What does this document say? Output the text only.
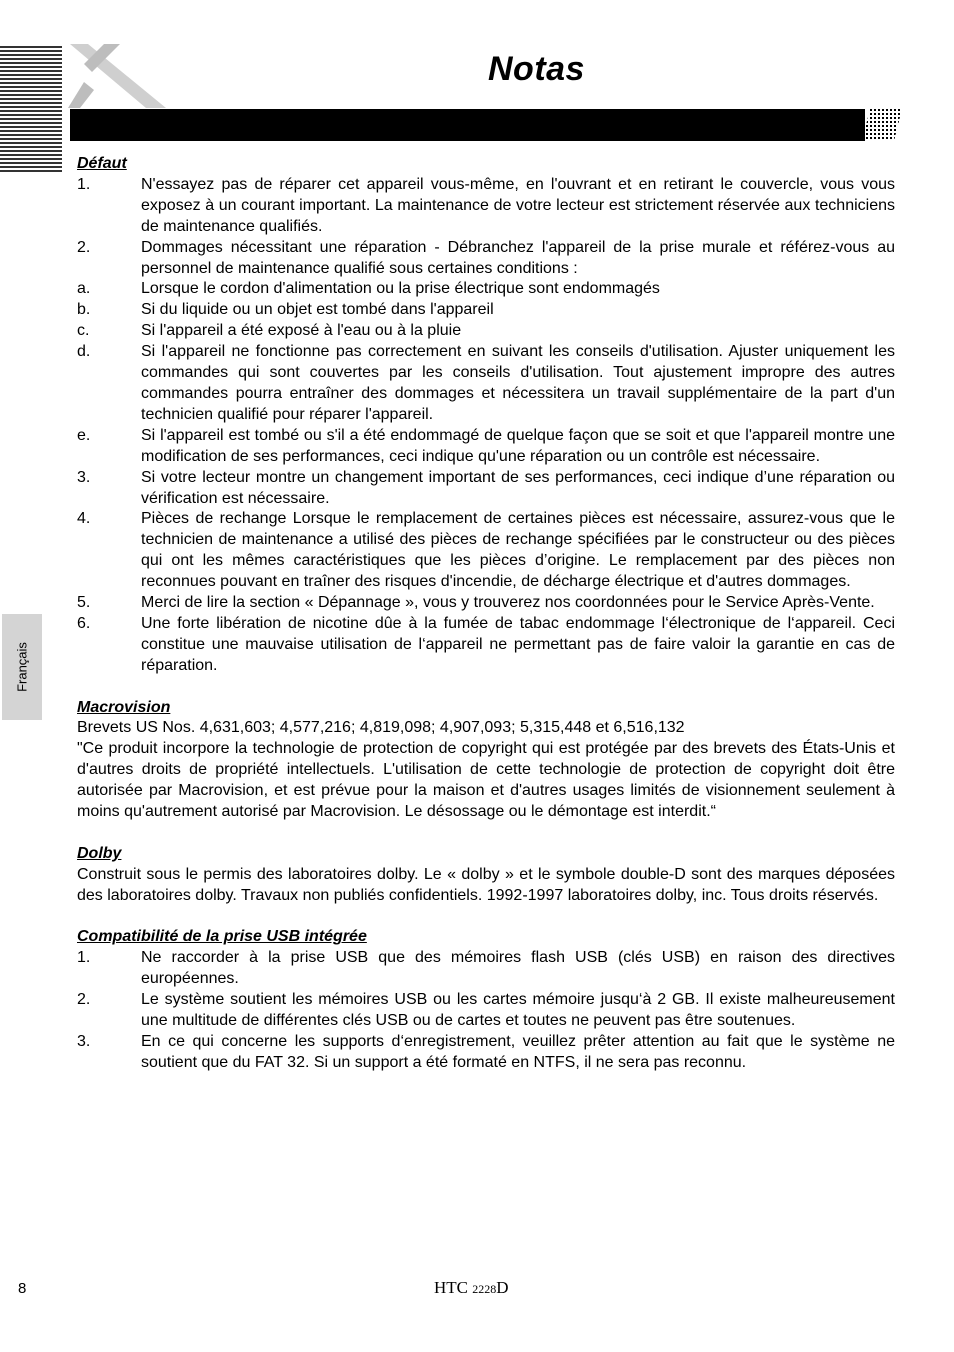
Notas
Français

Défaut

1.	N'essayez pas de réparer cet appareil vous-même, en l'ouvrant et en retirant le couvercle, vous vous exposez à un courant important. La maintenance de votre lecteur est strictement réservée aux techniciens de maintenance qualifiés.
2.	Dommages nécessitant une réparation - Débranchez l'appareil de la prise murale et référez-vous au personnel de maintenance qualifié sous certaines conditions :
a.	Lorsque le cordon d'alimentation ou la prise électrique sont endommagés
b.	Si du liquide ou un objet est tombé dans l'appareil
c.	Si l'appareil a été exposé à l'eau ou à la pluie
d.	Si l'appareil ne fonctionne pas correctement en suivant les conseils d'utilisation. Ajuster uniquement les commandes qui sont couvertes par les conseils d'utilisation. Tout ajustement impropre des autres commandes pourra entraîner des dommages et nécessitera un travail supplémentaire de la part d'un technicien qualifié pour réparer l'appareil.
e.	Si l'appareil est tombé ou s'il a été endommagé de quelque façon que se soit et que l'appareil montre une modification de ses performances, ceci indique qu'une réparation ou un contrôle est nécessaire.
3.	Si votre lecteur montre un changement important de ses performances, ceci indique d’une réparation ou vérification est nécessaire.
4.	Pièces de rechange Lorsque le remplacement de certaines pièces est nécessaire, assurez-vous que le technicien de maintenance a utilisé des pièces de rechange spécifiées par le constructeur ou des pièces qui ont les mêmes caractéristiques que les pièces d’origine. Le remplacement par des pièces non reconnues pouvant en traîner des risques d'incendie, de décharge électrique et d'autres dommages.
5.	Merci de lire la section « Dépannage », vous y trouverez nos coordonnées pour le Service Après-Vente.
6.	Une forte libération de nicotine dûe à la fumée de tabac endommage l‘électronique de l‘appareil. Ceci constitue une mauvaise utilisation de l‘appareil ne permettant pas de faire valoir la garantie en cas de réparation.

Macrovision

Brevets US Nos. 4,631,603; 4,577,216; 4,819,098; 4,907,093; 5,315,448 et 6,516,132

"Ce produit incorpore la technologie de protection de copyright qui est protégée par des brevets des États-Unis et d'autres droits de propriété intellectuels. L'utilisation de cette technologie de protection de copyright doit être autorisée par Macrovision, et est prévue pour la maison et d'autres usages limités de visionnement seulement à moins qu'autrement autorisé par Macrovision. Le désossage ou le démontage est interdit.“

Dolby

Construit sous le permis des laboratoires dolby. Le « dolby » et le symbole double-D sont des marques déposées des laboratoires dolby. Travaux non publiés confidentiels. 1992-1997 laboratoires dolby, inc. Tous droits réservés.

Compatibilité de la prise USB intégrée

1.	Ne raccorder à la prise USB que des mémoires flash USB (clés USB) en raison des directives européennes.
2.	Le système soutient les mémoires USB ou les cartes mémoire jusqu‘à 2 GB. Il existe malheureusement une multitude de différentes clés USB ou de cartes et toutes ne peuvent pas être soutenues.
3.	En ce qui concerne les supports d‘enregistrement, veuillez prêter attention au fait que le système ne soutient que du FAT 32. Si un support a été formaté en NTFS, il ne sera pas reconnu.
8	HTC 2228D
